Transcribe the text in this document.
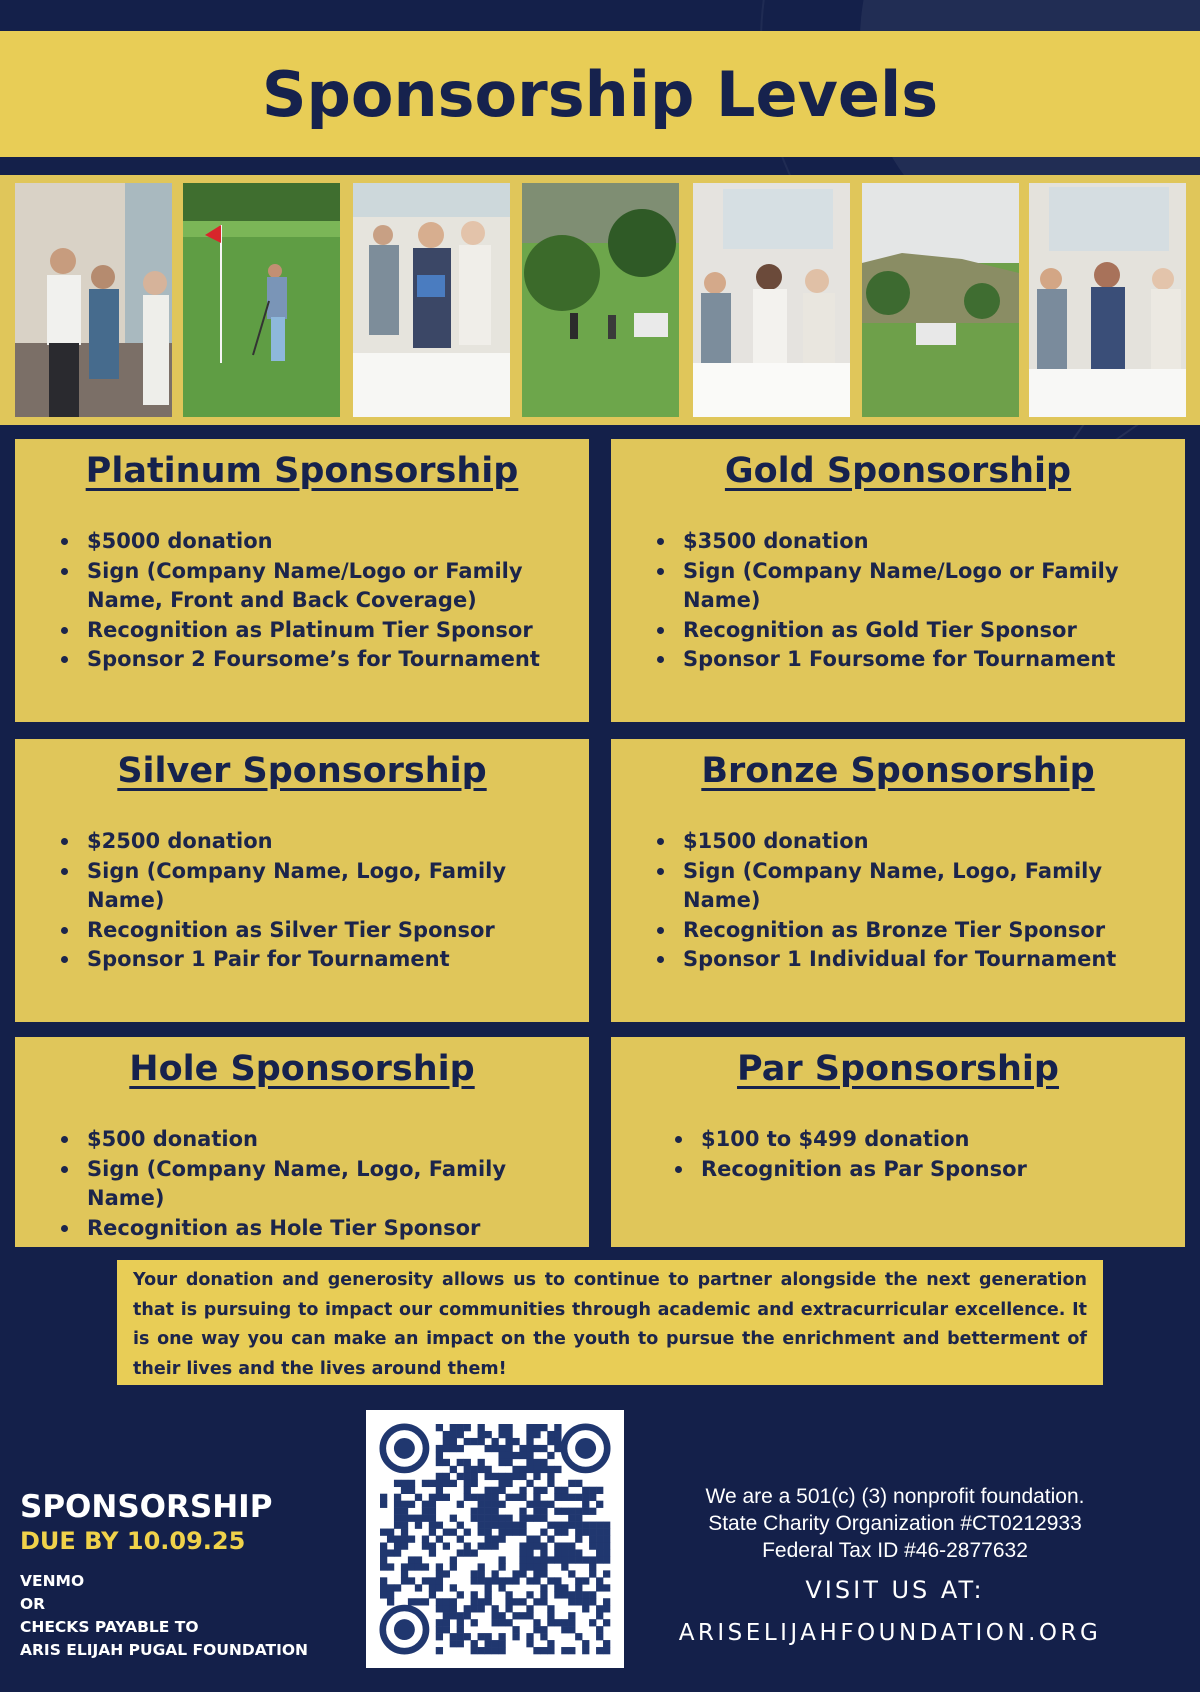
Sponsorship Levels
Platinum Sponsorship
$5000 donation
Sign (Company Name/Logo or Family Name, Front and Back Coverage)
Recognition as Platinum Tier Sponsor
Sponsor 2 Foursome’s for Tournament
Gold Sponsorship
$3500 donation
Sign (Company Name/Logo or Family Name)
Recognition as Gold Tier Sponsor
Sponsor 1 Foursome for Tournament
Silver Sponsorship
$2500 donation
Sign (Company Name, Logo, Family Name)
Recognition as Silver Tier Sponsor
Sponsor 1 Pair for Tournament
Bronze Sponsorship
$1500 donation
Sign (Company Name, Logo, Family Name)
Recognition as Bronze Tier Sponsor
Sponsor 1 Individual for Tournament
Hole Sponsorship
$500 donation
Sign (Company Name, Logo, Family Name)
Recognition as Hole Tier Sponsor
Par Sponsorship
$100 to $499 donation
Recognition as Par Sponsor
Your donation and generosity allows us to continue to partner alongside the next generation that is pursuing to impact our communities through academic and extracurricular excellence. It is one way you can make an impact on the youth to pursue the enrichment and betterment of their lives and the lives around them!
SPONSORSHIP
DUE BY 10.09.25
VENMO
OR
CHECKS PAYABLE TO
ARIS ELIJAH PUGAL FOUNDATION
We are a 501(c) (3) nonprofit foundation.
State Charity Organization #CT0212933
Federal Tax ID #46-2877632
VISIT US AT:
ARISELIJAHFOUNDATION.ORG
